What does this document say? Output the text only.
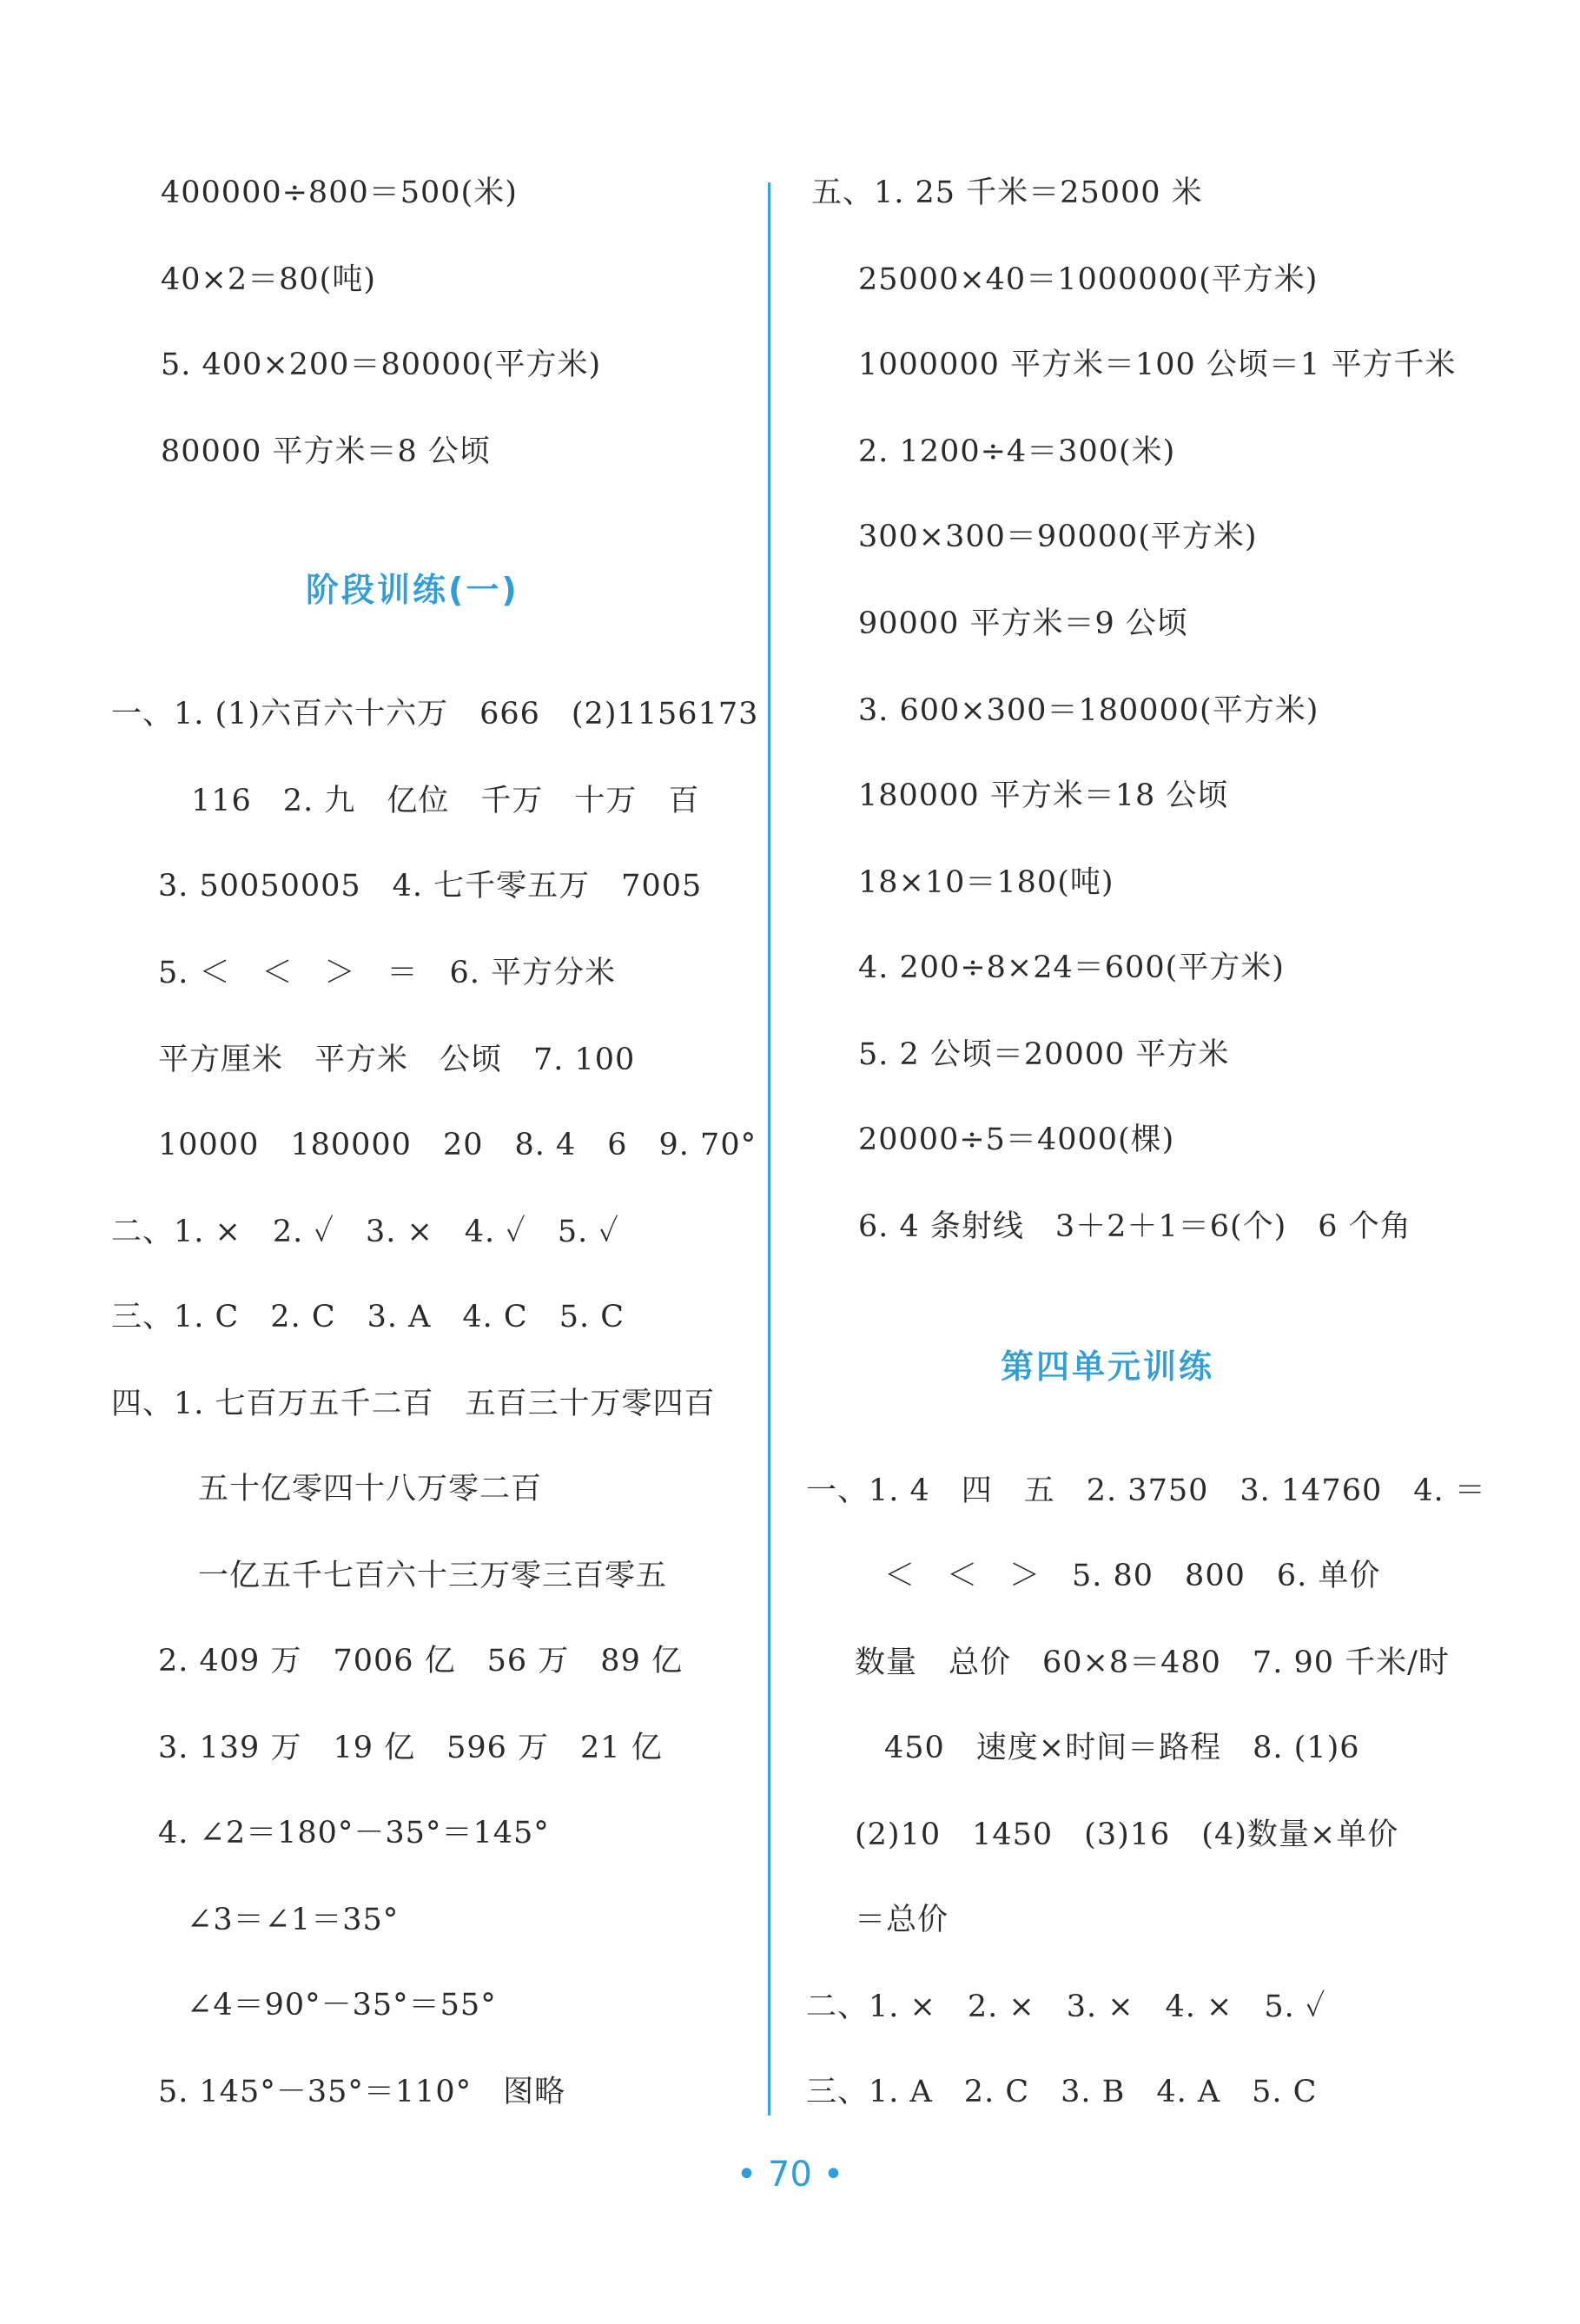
400000÷800＝500(米)
40×2＝80(吨)
5. 400×200＝80000(平方米)
80000 平方米＝8 公顷
阶段训练(一)
一、1. (1)六百六十六万　666　(2)1156173
116　2. 九　亿位　千万　十万　百
3. 50050005　4. 七千零五万　7005
5. ＜　＜　＞　＝　6. 平方分米
平方厘米　平方米　公顷　7. 100
10000　180000　20　8. 4　6　9. 70°
二、1. ×　2. ✓　3. ×　4. ✓　5. ✓
三、1. C　2. C　3. A　4. C　5. C
四、1. 七百万五千二百　五百三十万零四百
五十亿零四十八万零二百
一亿五千七百六十三万零三百零五
2. 409 万　7006 亿　56 万　89 亿
3. 139 万　19 亿　596 万　21 亿
4. ∠2＝180°－35°＝145°
∠3＝∠1＝35°
∠4＝90°－35°＝55°
5. 145°－35°＝110°　图略
五、1. 25 千米＝25000 米
25000×40＝1000000(平方米)
1000000 平方米＝100 公顷＝1 平方千米
2. 1200÷4＝300(米)
300×300＝90000(平方米)
90000 平方米＝9 公顷
3. 600×300＝180000(平方米)
180000 平方米＝18 公顷
18×10＝180(吨)
4. 200÷8×24＝600(平方米)
5. 2 公顷＝20000 平方米
20000÷5＝4000(棵)
6. 4 条射线　3＋2＋1＝6(个)　6 个角
第四单元训练
一、1. 4　四　五　2. 3750　3. 14760　4. ＝
＜　＜　＞　5. 80　800　6. 单价
数量　总价　60×8＝480　7. 90 千米/时
450　速度×时间＝路程　8. (1)6
(2)10　1450　(3)16　(4)数量×单价
＝总价
二、1. ×　2. ×　3. ×　4. ×　5. ✓
三、1. A　2. C　3. B　4. A　5. C
• 70 •
